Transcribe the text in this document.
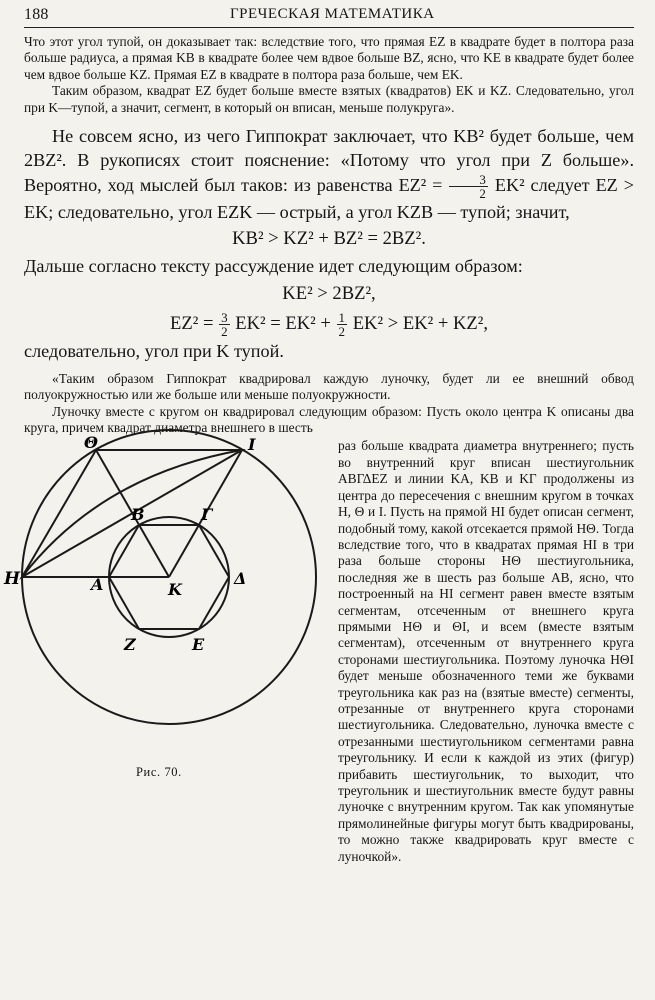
188	ГРЕЧЕСКАЯ МАТЕМАТИКА

Что этот угол тупой, он доказывает так: вследствие того, что прямая EZ в квадрате будет в полтора раза больше радиуса, а прямая KB в квадрате более чем вдвое больше BZ, ясно, что KE в квадрате будет более чем вдвое больше KZ. Прямая EZ в квадрате в полтора раза больше, чем EK.

Таким образом, квадрат EZ будет больше вместе взятых (квадратов) EK и KZ. Следовательно, угол при K—тупой, а значит, сегмент, в который он вписан, меньше полукруга».

Не совсем ясно, из чего Гиппократ заключает, что KB² будет больше, чем 2BZ². В рукописях стоит пояснение: «Потому что угол при Z больше». Вероятно, ход мыслей был таков: из равенства $EZ^2 = \frac{3}{2} EK^2$ следует EZ > EK; следовательно, угол EZK — острый, а угол KZB — тупой; значит,

KB² > KZ² + BZ² = 2BZ².

Дальше согласно тексту рассуждение идет следующим образом:

KE² > 2BZ²,

$EZ^2 = \frac{3}{2} EK^2 = EK^2 + \frac{1}{2} EK^2 > EK^2 + KZ^2$,

следовательно, угол при K тупой.

«Таким образом Гиппократ квадрировал каждую луночку, будет ли ее внешний обвод полуокружностью или же больше или меньше полуокружности.

Луночку вместе с кругом он квадрировал следующим образом: Пусть около центра K описаны два круга, причем квадрат диаметра внешнего в шесть

H
Θ	I
B	Γ
A	K
Δ
Z	E
Рис. 70.

раз больше квадрата диаметра внутреннего; пусть во внутренний круг вписан шестиугольник ΑΒΓΔΕΖ и линии KA, KB и KΓ продолжены из центра до пересечения с внешним кругом в точках H, Θ и I. Пусть на прямой HI будет описан сегмент, подобный тому, какой отсекается прямой HΘ. Тогда вследствие того, что в квадратах прямая HI в три раза больше стороны HΘ шестиугольника, последняя же в шесть раз больше AB, ясно, что построенный на HI сегмент равен вместе взятым сегментам, отсеченным от внешнего круга прямыми HΘ и ΘI, и всем (вместе взятым сегментам), отсеченным от внутреннего круга сторонами шестиугольника. Поэтому луночка HΘI будет меньше обозначенного теми же буквами треугольника как раз на (взятые вместе) сегменты, отрезанные от внутреннего круга сторонами шестиугольника. Следовательно, луночка вместе с отрезанными шестиугольником сегментами равна треугольнику. И если к каждой из этих (фигур) прибавить шестиугольник, то выходит, что треугольник и шестиугольник вместе будут равны луночке с внутренним кругом. Так как упомянутые прямолинейные фигуры могут быть квадрированы, то можно также квадрировать круг вместе с луночкой».
